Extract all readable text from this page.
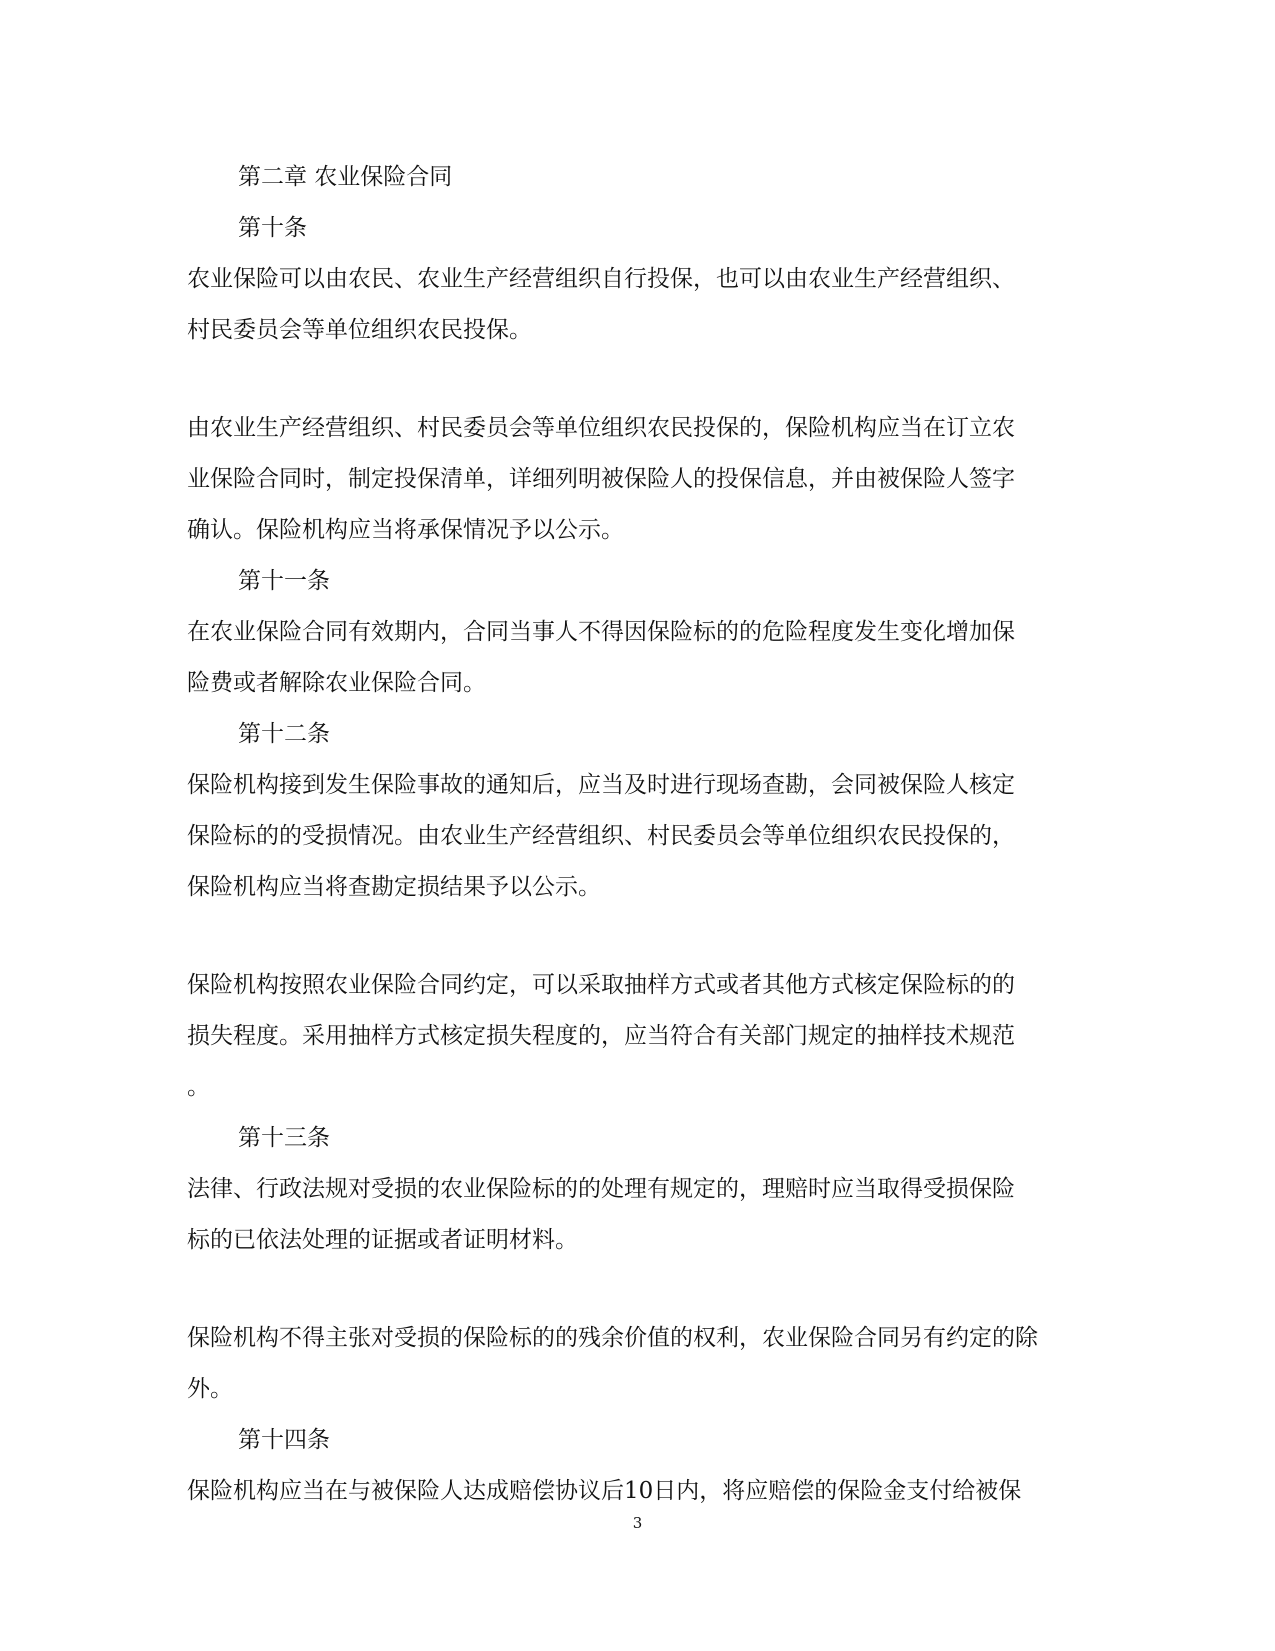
第二章 农业保险合同

第十条

农业保险可以由农民、农业生产经营组织自行投保，也可以由农业生产经营组织、

村民委员会等单位组织农民投保。

由农业生产经营组织、村民委员会等单位组织农民投保的，保险机构应当在订立农

业保险合同时，制定投保清单，详细列明被保险人的投保信息，并由被保险人签字

确认。保险机构应当将承保情况予以公示。

第十一条

在农业保险合同有效期内，合同当事人不得因保险标的的危险程度发生变化增加保

险费或者解除农业保险合同。

第十二条

保险机构接到发生保险事故的通知后，应当及时进行现场查勘，会同被保险人核定

保险标的的受损情况。由农业生产经营组织、村民委员会等单位组织农民投保的，

保险机构应当将查勘定损结果予以公示。

保险机构按照农业保险合同约定，可以采取抽样方式或者其他方式核定保险标的的

损失程度。采用抽样方式核定损失程度的，应当符合有关部门规定的抽样技术规范

。

第十三条

法律、行政法规对受损的农业保险标的的处理有规定的，理赔时应当取得受损保险

标的已依法处理的证据或者证明材料。

保险机构不得主张对受损的保险标的的残余价值的权利，农业保险合同另有约定的除

外。

第十四条

保险机构应当在与被保险人达成赔偿协议后10日内，将应赔偿的保险金支付给被保

3
